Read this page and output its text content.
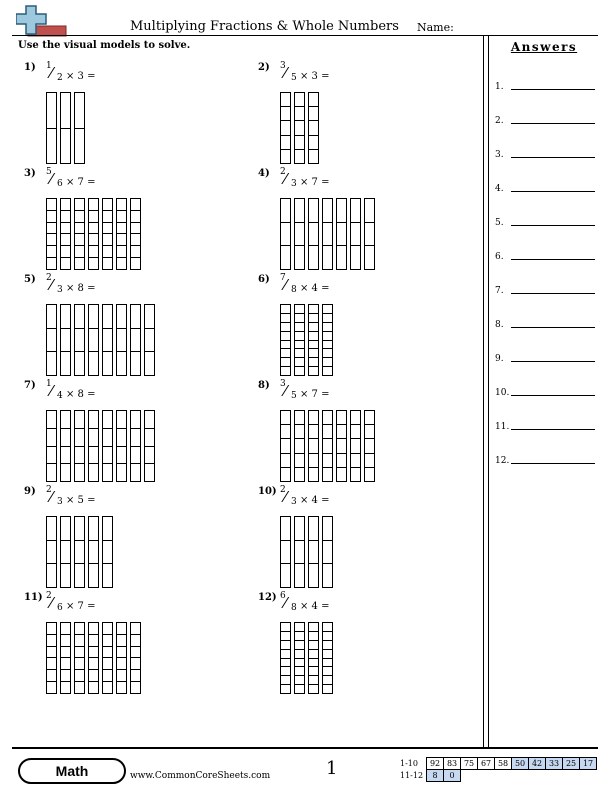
Multiplying Fractions & Whole Numbers Name:
Use the visual models to solve.
1) 1
⁄ 2 × 3 =
2) 3
⁄ 5 × 3 =
3) 5
⁄ 6 × 7 =
4) 2
⁄ 3 × 7 =
5) 2
⁄ 3 × 8 =
6) 7
⁄ 8 × 4 =
7) 1
⁄ 4 × 8 =
8) 3
⁄ 5 × 7 =
9) 2
⁄ 3 × 5 =
10) 2
⁄ 3 × 4 =
11) 2
⁄ 6 × 7 =
12) 6
⁄ 8 × 4 =
Answers
1.
2.
3.
4.
5.
6.
7.
8.
9.
10.
11.
12.
Math	www.CommonCoreSheets.com	1	1-10	92	83	75	67	58	50	42	33	25	17
11-12	8	0								
